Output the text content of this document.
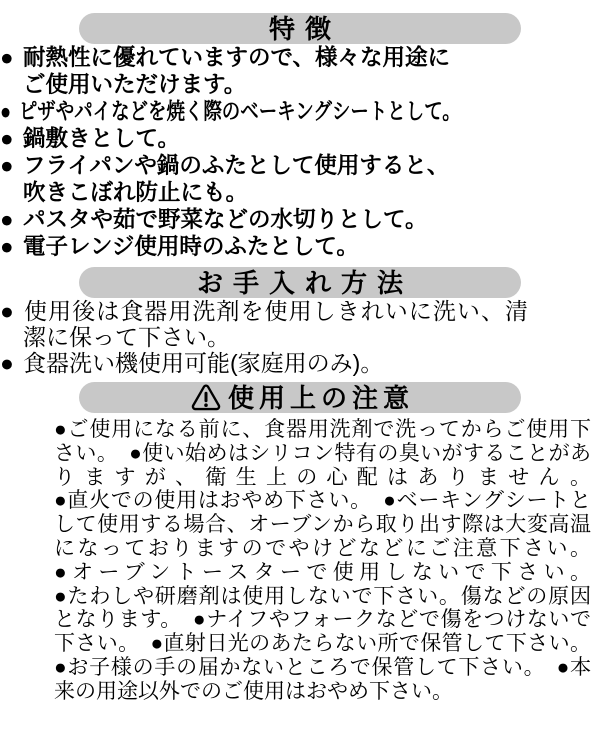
特徴
● 耐熱性に優れていますので、様々な用途にご使用いただけます。
● ピザやパイなどを焼く際のベーキングシートとして。
● 鍋敷きとして。
● フライパンや鍋のふたとして使用すると、吹きこぼれ防止にも。
● パスタや茹で野菜などの水切りとして。
● 電子レンジ使用時のふたとして。
お手入れ方法
● 使用後は食器用洗剤を使用しきれいに洗い、清潔に保って下さい。
● 食器洗い機使用可能(家庭用のみ)。
使用上の注意

●ご使用になる前に、食器用洗剤で洗ってからご使用下さい。　●使い始めはシリコン特有の臭いがすることがありますが、衛生上の心配はありません。

●直火での使用はおやめ下さい。　●ベーキングシートとして使用する場合、オーブンから取り出す際は大変高温になっておりますのでやけどなどにご注意下さい。

●オーブントースターで使用しないで下さい。

●たわしや研磨剤は使用しないで下さい。傷などの原因となります。　●ナイフやフォークなどで傷をつけないで下さい。　●直射日光のあたらない所で保管して下さい。●お子様の手の届かないところで保管して下さい。　●本来の用途以外でのご使用はおやめ下さい。
